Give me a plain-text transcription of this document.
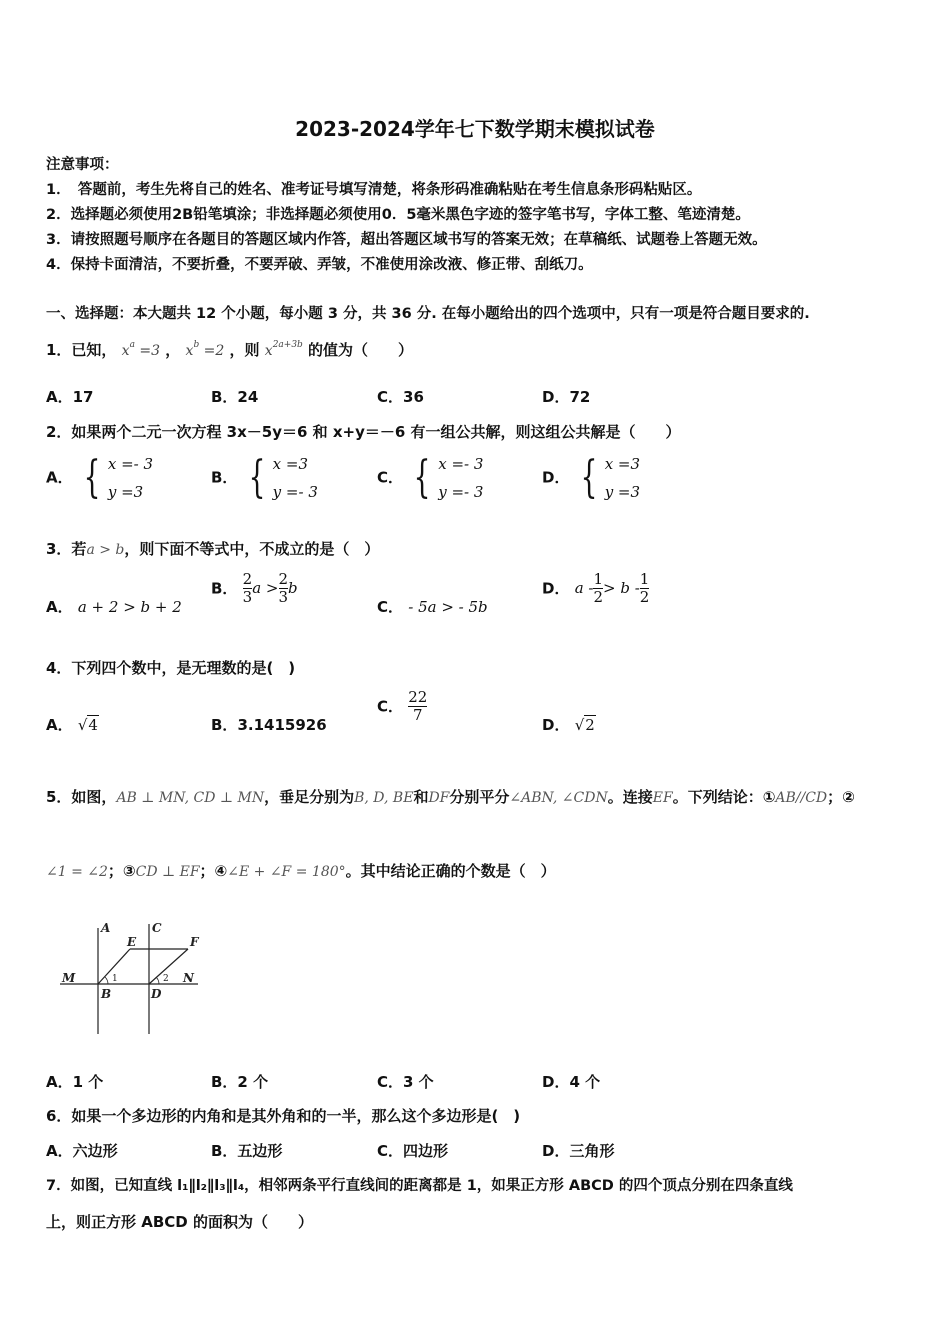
2023-2024学年七下数学期末模拟试卷
注意事项：
1．　答题前，考生先将自己的姓名、准考证号填写清楚，将条形码准确粘贴在考生信息条形码粘贴区。
2．选择题必须使用2B铅笔填涂；非选择题必须使用0．5毫米黑色字迹的签字笔书写，字体工整、笔迹清楚。
3．请按照题号顺序在各题目的答题区域内作答，超出答题区域书写的答案无效；在草稿纸、试题卷上答题无效。
4．保持卡面清洁，不要折叠，不要弄破、弄皱，不准使用涂改液、修正带、刮纸刀。
一、选择题：本大题共 12 个小题，每小题 3 分，共 36 分. 在每小题给出的四个选项中，只有一项是符合题目要求的.
1．已知， $x^a =3$ ， $x^b =2$ ，则 $x^{2a+3b}$ 的值为（　　）
A．17	B．24	C．36	D．72
2．如果两个二元一次方程 3x－5y＝6 和 x+y＝－6 有一组公共解，则这组公共解是（　　）
A． { x =- 3
y =3
B． { x =3
y =- 3
C． { x =- 3
y =- 3
D． { x =3
y =3
3．若a > b，则下面不等式中，不成立的是（　）
A． a + 2 > b + 2
B． $\frac{2}{3}$ $a > \frac{2}{3}$ b
C． - 5a > - 5b
D． $a - \frac{1}{2} > b - \frac{1}{2}$
4．下列四个数中，是无理数的是(　)
A． √4	B．3.1415926
C． $\frac{22}{7}$
D． √2
5．如图，AB ⊥ MN, CD ⊥ MN，垂足分别为B, D, BE和DF分别平分∠ABN, ∠CDN。连接EF。下列结论：①AB//CD；②
∠1 = ∠2；③CD ⊥ EF；④∠E + ∠F = 180°。其中结论正确的个数是（　）
A	C
E	F
M	N
B	D
1	2
A．1 个	B．2 个	C．3 个	D．4 个
6．如果一个多边形的内角和是其外角和的一半，那么这个多边形是(　)
A．六边形	B．五边形	C．四边形	D．三角形
7．如图，已知直线 l₁∥l₂∥l₃∥l₄，相邻两条平行直线间的距离都是 1，如果正方形 ABCD 的四个顶点分别在四条直线
上，则正方形 ABCD 的面积为（　　）
